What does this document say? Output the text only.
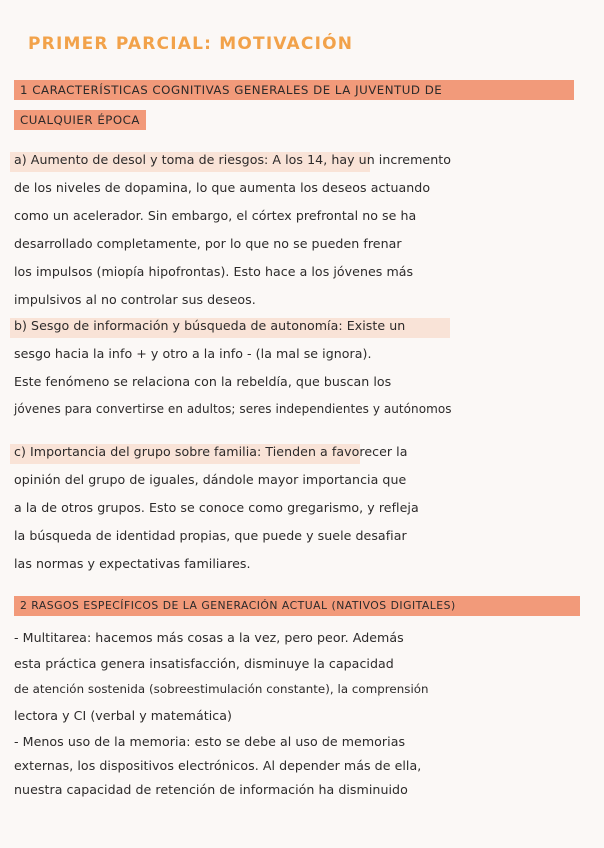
PRIMER PARCIAL: MOTIVACIÓN
1 CARACTERÍSTICAS COGNITIVAS GENERALES DE LA JUVENTUD DE
CUALQUIER ÉPOCA
a) Aumento de desol y toma de riesgos: A los 14, hay un incremento
de los niveles de dopamina, lo que aumenta los deseos actuando
como un acelerador. Sin embargo, el córtex prefrontal no se ha
desarrollado completamente, por lo que no se pueden frenar
los impulsos (miopía hipofrontas). Esto hace a los jóvenes más
impulsivos al no controlar sus deseos.
b) Sesgo de información y búsqueda de autonomía: Existe un
sesgo hacia la info + y otro a la info - (la mal se ignora).
Este fenómeno se relaciona con la rebeldía, que buscan los
jóvenes para convertirse en adultos; seres independientes y autónomos
c) Importancia del grupo sobre familia: Tienden a favorecer la
opinión del grupo de iguales, dándole mayor importancia que
a la de otros grupos. Esto se conoce como gregarismo, y refleja
la búsqueda de identidad propias, que puede y suele desafiar
las normas y expectativas familiares.
2 RASGOS ESPECÍFICOS DE LA GENERACIÓN ACTUAL (NATIVOS DIGITALES)
- Multitarea: hacemos más cosas a la vez, pero peor. Además
esta práctica genera insatisfacción, disminuye la capacidad
de atención sostenida (sobreestimulación constante), la comprensión
lectora y CI (verbal y matemática)
- Menos uso de la memoria: esto se debe al uso de memorias
externas, los dispositivos electrónicos. Al depender más de ella,
nuestra capacidad de retención de información ha disminuido
